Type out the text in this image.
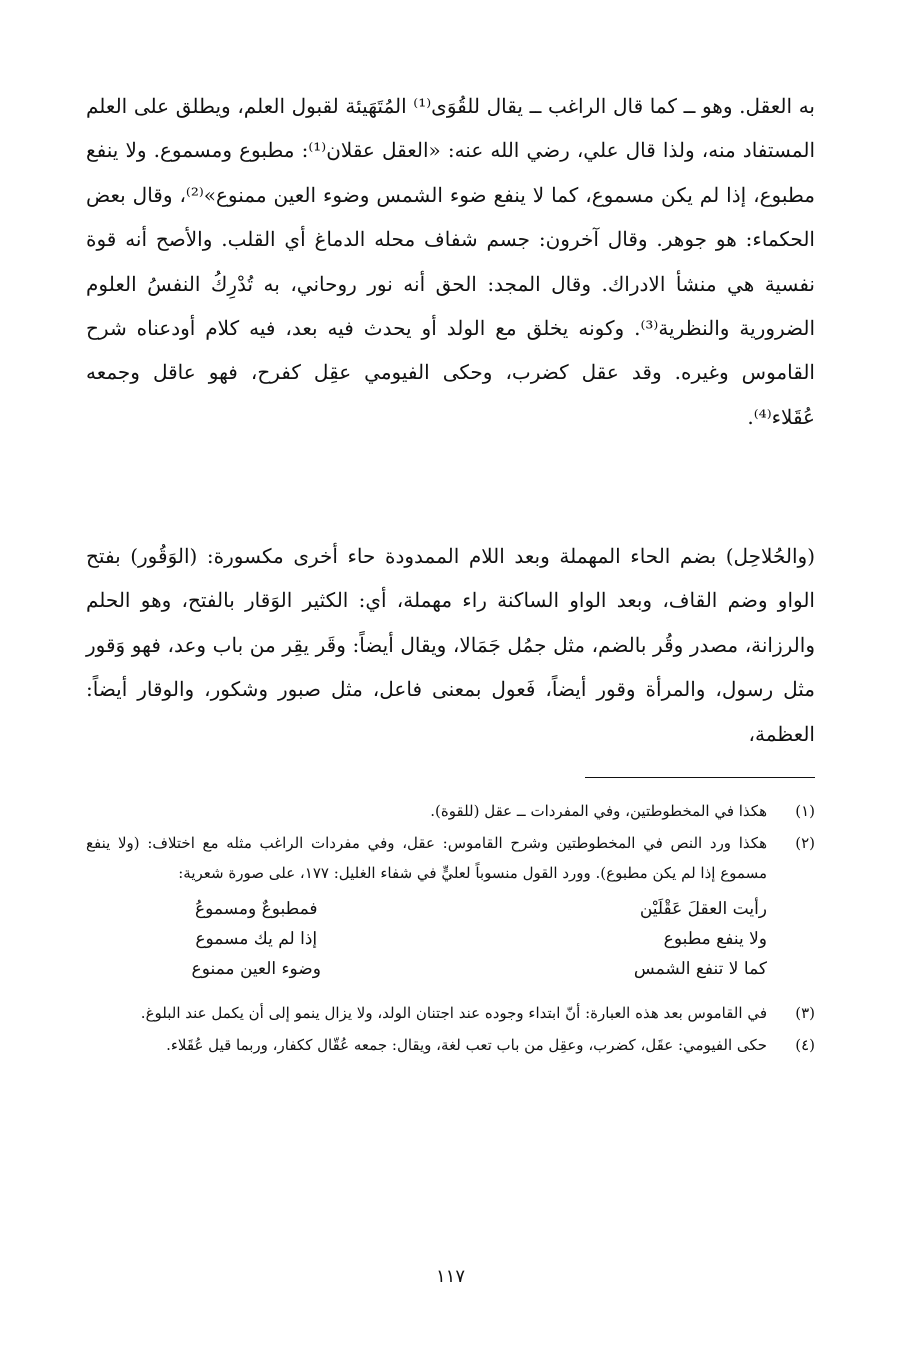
به العقل. وهو ــ كما قال الراغب ــ يقال للقُوَى⁽¹⁾ المُتَهَيئة لقبول العلم، ويطلق على العلم المستفاد منه، ولذا قال علي، رضي الله عنه: «العقل عقلان⁽¹⁾: مطبوع ومسموع. ولا ينفع مطبوع، إذا لم يكن مسموع، كما لا ينفع ضوء الشمس وضوء العين ممنوع»⁽²⁾، وقال بعض الحكماء: هو جوهر. وقال آخرون: جسم شفاف محله الدماغ أي القلب. والأصح أنه قوة نفسية هي منشأ الادراك. وقال المجد: الحق أنه نور روحاني، به تُدْرِكُ النفسُ العلوم الضرورية والنظرية⁽³⁾. وكونه يخلق مع الولد أو يحدث فيه بعد، فيه كلام أودعناه شرح القاموس وغيره. وقد عقل كضرب، وحكى الفيومي عقِل كفرح، فهو عاقل وجمعه عُقَلاء⁽⁴⁾.

(والحُلاحِل) بضم الحاء المهملة وبعد اللام الممدودة حاء أخرى مكسورة: (الوَقُور) بفتح الواو وضم القاف، وبعد الواو الساكنة راء مهملة، أي: الكثير الوَقار بالفتح، وهو الحلم والرزانة، مصدر وقُر بالضم، مثل جمُل جَمَالا، ويقال أيضاً: وقَر يقِر من باب وعد، فهو وَقور مثل رسول، والمرأة وقور أيضاً، فَعول بمعنى فاعل، مثل صبور وشكور، والوقار أيضاً: العظمة،

(١)
هكذا في المخطوطتين، وفي المفردات ــ عقل (للقوة).
(٢)
هكذا ورد النص في المخطوطتين وشرح القاموس: عقل، وفي مفردات الراغب مثله مع اختلاف: (ولا ينفع مسموع إذا لم يكن مطبوع). وورد القول منسوباً لعليٍّ في شفاء الغليل: ١٧٧، على صورة شعرية:
رأيت العقلَ عَقْلَيْن
فمطبوعٌ ومسموعُ
ولا ينفع مطبوع
إذا لم يك مسموع
كما لا تنفع الشمس
وضوء العين ممنوع
(٣)
في القاموس بعد هذه العبارة: أنّ ابتداء وجوده عند اجتنان الولد، ولا يزال ينمو إلى أن يكمل عند البلوغ.
(٤)
حكى الفيومي: عقَل، كضرب، وعقِل من باب تعب لغة، ويقال: جمعه عُقّال ككفار، وربما قيل عُقَلاء.
١١٧
